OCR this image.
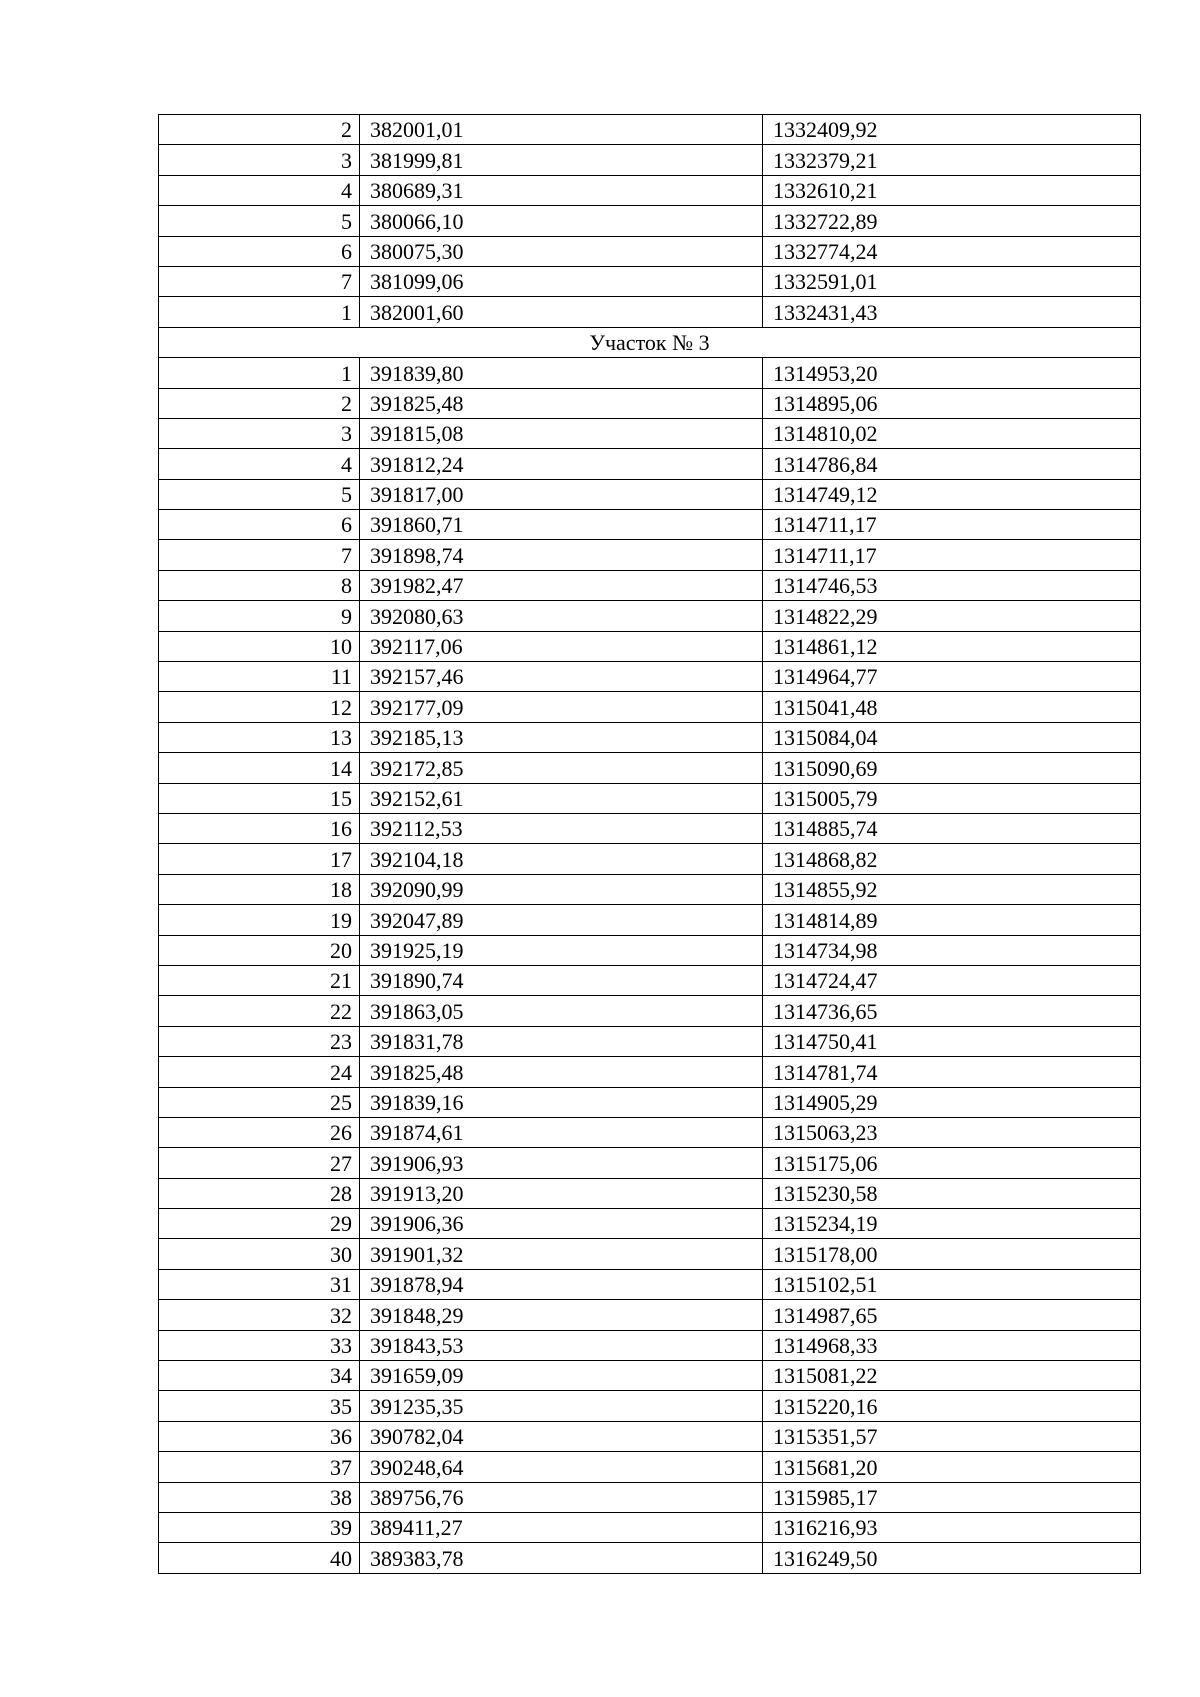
2	382001,01	1332409,92
3	381999,81	1332379,21
4	380689,31	1332610,21
5	380066,10	1332722,89
6	380075,30	1332774,24
7	381099,06	1332591,01
1	382001,60	1332431,43
Участок № 3		
1	391839,80	1314953,20
2	391825,48	1314895,06
3	391815,08	1314810,02
4	391812,24	1314786,84
5	391817,00	1314749,12
6	391860,71	1314711,17
7	391898,74	1314711,17
8	391982,47	1314746,53
9	392080,63	1314822,29
10	392117,06	1314861,12
11	392157,46	1314964,77
12	392177,09	1315041,48
13	392185,13	1315084,04
14	392172,85	1315090,69
15	392152,61	1315005,79
16	392112,53	1314885,74
17	392104,18	1314868,82
18	392090,99	1314855,92
19	392047,89	1314814,89
20	391925,19	1314734,98
21	391890,74	1314724,47
22	391863,05	1314736,65
23	391831,78	1314750,41
24	391825,48	1314781,74
25	391839,16	1314905,29
26	391874,61	1315063,23
27	391906,93	1315175,06
28	391913,20	1315230,58
29	391906,36	1315234,19
30	391901,32	1315178,00
31	391878,94	1315102,51
32	391848,29	1314987,65
33	391843,53	1314968,33
34	391659,09	1315081,22
35	391235,35	1315220,16
36	390782,04	1315351,57
37	390248,64	1315681,20
38	389756,76	1315985,17
39	389411,27	1316216,93
40	389383,78	1316249,50
